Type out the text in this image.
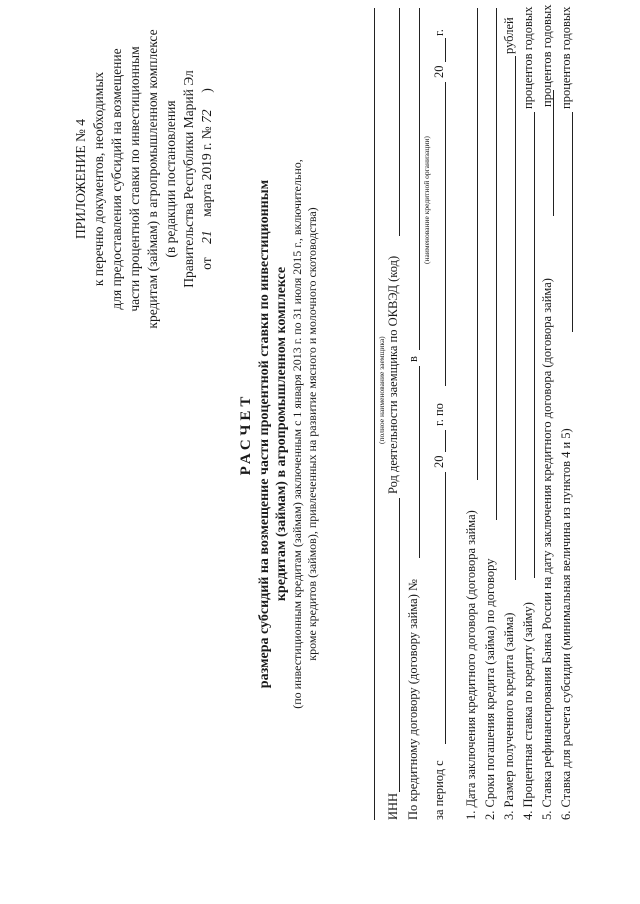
ПРИЛОЖЕНИЕ № 4 к перечню документов, необходимых для предоставления субсидий на возмещение части процентной ставки по инвестиционным кредитам (займам) в агропромышленном комплексе (в редакции постановления Правительства Республики Марий Эл от    21    марта 2019 г. № 72     )
РАСЧЕТ размера субсидий на возмещение части процентной ставки по инвестиционным кредитам (займам) в агропромышленном комплексе (по инвестиционным кредитам (займам) заключенным с 1 января 2013 г. по 31 июля 2015 г., включительно, кроме кредитов (займов), привлеченных на развитие мясного и молочного скотоводства)	(полное наименование заемщика)
ИНН
Род деятельности заемщика по ОКВЭД (код)
По кредитному договору (договору займа) №
в
(наименование кредитной организации)
за период с
20
г. по
20
г.
1. Дата заключения кредитного договора (договора займа) 2. Сроки погашения кредита (займа) по договору 3. Размер полученного кредита (займа)
рублей
4. Процентная ставка по кредиту (займу)
процентов годовых
5. Ставка рефинансирования Банка России на дату заключения кредитного договора (договора займа)
процентов годовых
6. Ставка для расчета субсидии (минимальная величина из пунктов 4 и 5)
процентов годовых
